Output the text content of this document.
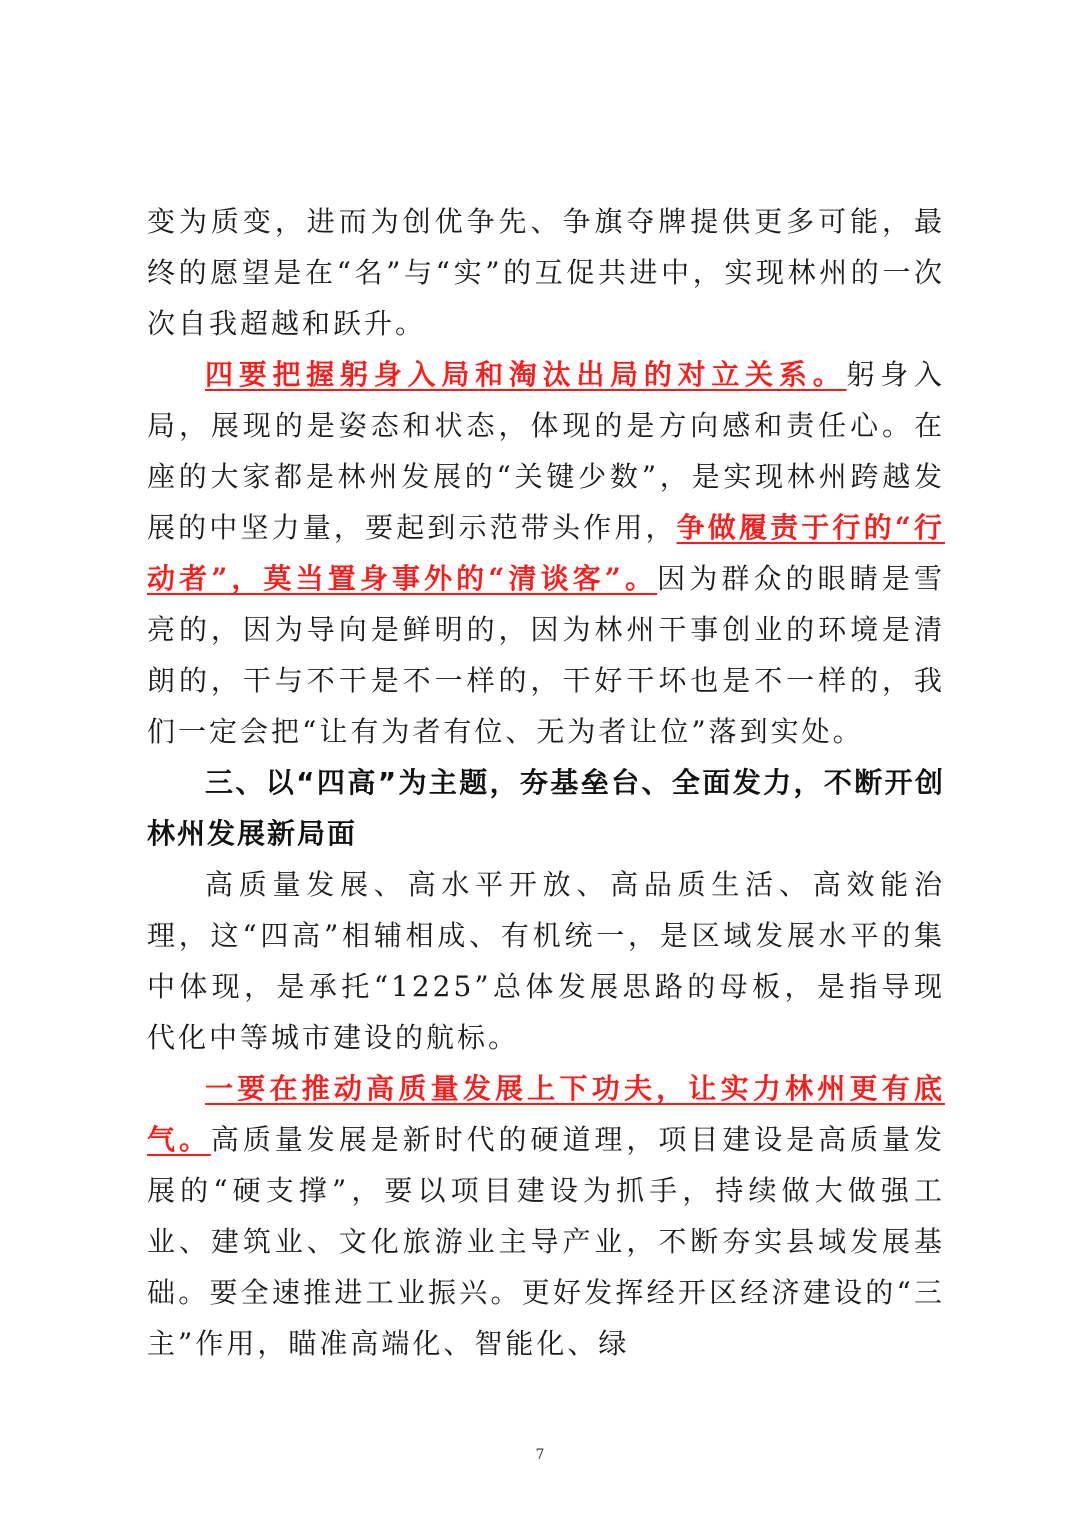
变为质变，进而为创优争先、争旗夺牌提供更多可能，最终的愿望是在“名”与“实”的互促共进中，实现林州的一次次自我超越和跃升。

四要把握躬身入局和淘汰出局的对立关系。躬身入局，展现的是姿态和状态，体现的是方向感和责任心。在座的大家都是林州发展的“关键少数”，是实现林州跨越发展的中坚力量，要起到示范带头作用，争做履责于行的“行动者”，莫当置身事外的“清谈客”。因为群众的眼睛是雪亮的，因为导向是鲜明的，因为林州干事创业的环境是清朗的，干与不干是不一样的，干好干坏也是不一样的，我们一定会把“让有为者有位、无为者让位”落到实处。

三、以“四高”为主题，夯基垒台、全面发力，不断开创林州发展新局面

高质量发展、高水平开放、高品质生活、高效能治理，这“四高”相辅相成、有机统一，是区域发展水平的集中体现，是承托“1225”总体发展思路的母板，是指导现代化中等城市建设的航标。

一要在推动高质量发展上下功夫，让实力林州更有底气。高质量发展是新时代的硬道理，项目建设是高质量发展的“硬支撑”，要以项目建设为抓手，持续做大做强工业、建筑业、文化旅游业主导产业，不断夯实县域发展基础。要全速推进工业振兴。更好发挥经开区经济建设的“三主”作用，瞄准高端化、智能化、绿

7
